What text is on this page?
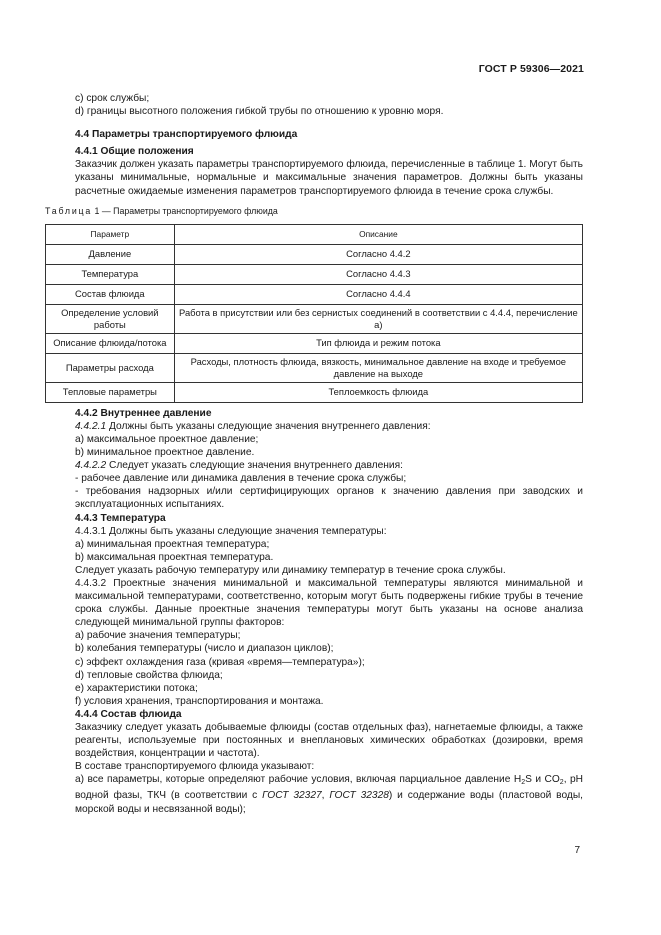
ГОСТ Р 59306—2021

с) срок службы;

d) границы высотного положения гибкой трубы по отношению к уровню моря.

4.4 Параметры транспортируемого флюида

4.4.1 Общие положения

Заказчик должен указать параметры транспортируемого флюида, перечисленные в таблице 1. Могут быть указаны минимальные, нормальные и максимальные значения параметров. Должны быть указаны расчетные ожидаемые изменения параметров транспортируемого флюида в течение срока службы.

Таблица 1 — Параметры транспортируемого флюида

Параметр	Описание
Давление	Согласно 4.4.2
Температура	Согласно 4.4.3
Состав флюида	Согласно 4.4.4
Определение условий работы	Работа в присутствии или без сернистых соединений в соответствии с 4.4.4, перечисление а)
Описание флюида/потока	Тип флюида и режим потока
Параметры расхода	Расходы, плотность флюида, вязкость, минимальное давление на входе и требуемое давление на выходе
Тепловые параметры	Теплоемкость флюида

4.4.2 Внутреннее давление

4.4.2.1 Должны быть указаны следующие значения внутреннего давления:

а) максимальное проектное давление;

b) минимальное проектное давление.

4.4.2.2 Следует указать следующие значения внутреннего давления:

- рабочее давление или динамика давления в течение срока службы;

- требования надзорных и/или сертифицирующих органов к значению давления при заводских и эксплуатационных испытаниях.

4.4.3 Температура

4.4.3.1 Должны быть указаны следующие значения температуры:

а) минимальная проектная температура;

b) максимальная проектная температура.

Следует указать рабочую температуру или динамику температур в течение срока службы.

4.4.3.2 Проектные значения минимальной и максимальной температуры являются минимальной и максимальной температурами, соответственно, которым могут быть подвержены гибкие трубы в течение срока службы. Данные проектные значения температуры могут быть указаны на основе анализа следующей минимальной группы факторов:

а) рабочие значения температуры;

b) колебания температуры (число и диапазон циклов);

с) эффект охлаждения газа (кривая «время—температура»);

d) тепловые свойства флюида;

е) характеристики потока;

f) условия хранения, транспортирования и монтажа.

4.4.4 Состав флюида

Заказчику следует указать добываемые флюиды (состав отдельных фаз), нагнетаемые флюиды, а также реагенты, используемые при постоянных и внеплановых химических обработках (дозировки, время воздействия, концентрации и частота).

В составе транспортируемого флюида указывают:

а) все параметры, которые определяют рабочие условия, включая парциальное давление $H_2S$ и $CO_2$, pH водной фазы, ТКЧ (в соответствии с ГОСТ 32327, ГОСТ 32328) и содержание воды (пластовой воды, морской воды и несвязанной воды);

7
